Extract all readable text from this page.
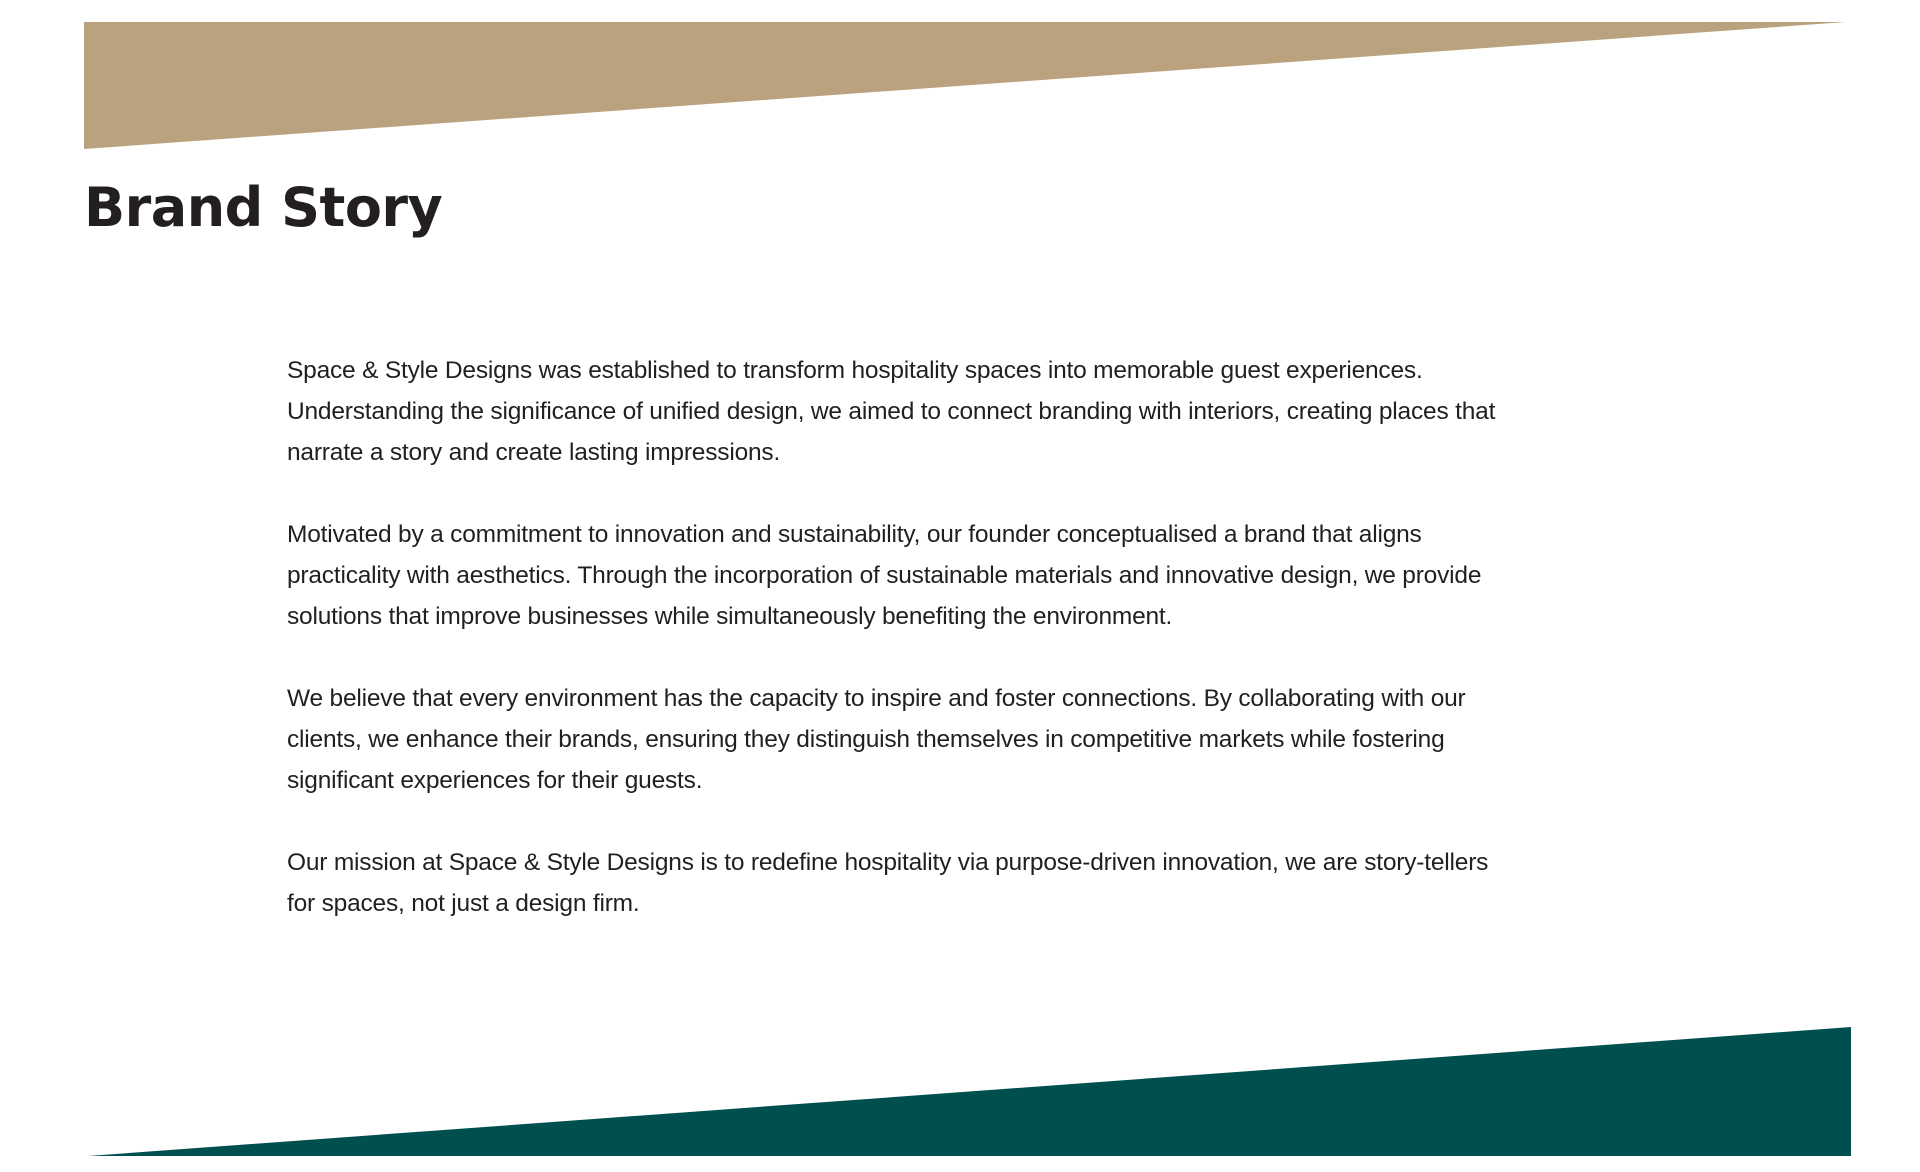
Brand Story

Space & Style Designs was established to transform hospitality spaces into memorable guest experiences. Understanding the significance of unified design, we aimed to connect branding with interiors, creating places that narrate a story and create lasting impressions.

Motivated by a commitment to innovation and sustainability, our founder conceptualised a brand that aligns practicality with aesthetics. Through the incorporation of sustainable materials and innovative design, we provide solutions that improve businesses while simultaneously benefiting the environment.

We believe that every environment has the capacity to inspire and foster connections. By collaborating with our clients, we enhance their brands, ensuring they distinguish themselves in competitive markets while fostering significant experiences for their guests.

Our mission at Space & Style Designs is to redefine hospitality via purpose-driven innovation, we are story-tellers for spaces, not just a design firm.
